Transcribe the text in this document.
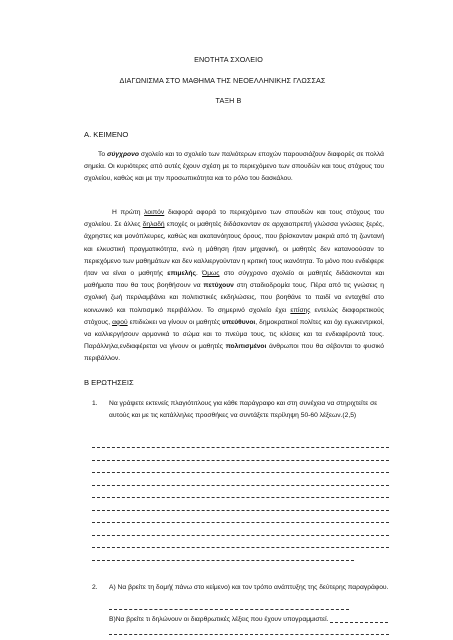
ΕΝΟΤΗΤΑ ΣΧΟΛΕΙΟ
ΔΙΑΓΩΝΙΣΜΑ ΣΤΟ ΜΑΘΗΜΑ ΤΗΣ ΝΕΟΕΛΛΗΝΙΚΗΣ ΓΛΩΣΣΑΣ
ΤΑΞΗ Β
Α. ΚΕΙΜΕΝΟ
Το σύγχρονο σχολείο και το σχολείο των παλιότερων εποχών παρουσιάζουν διαφορές σε πολλά σημεία. Οι κυριότερες από αυτές έχουν σχέση με το περιεχόμενο των σπουδών και τους στόχους του σχολείου, καθώς και με την προσωπικότητα και το ρόλο του δασκάλου.
Η πρώτη λοιπόν διαφορά αφορά το περιεχόμενο των σπουδών και τους στόχους του σχολείου. Σε άλλες δηλαδή εποχές οι μαθητές διδάσκονταν σε αρχαιοπρεπή γλώσσα γνώσεις ξερές, άχρηστες και μονόπλευρες, καθώς και ακατανόητους όρους, που βρίσκονταν μακριά από τη ζωντανή και ελκυστική πραγματικότητα, ενώ η μάθηση ήταν μηχανική, οι μαθητές δεν κατανοούσαν το περιεχόμενο των μαθημάτων και δεν καλλιεργούνταν η κριτική τους ικανότητα. Το μόνο που ενδιέφερε ήταν να είναι ο μαθητής επιμελής. Όμως στο σύγχρονο σχολείο οι μαθητές διδάσκονται και μαθήματα που θα τους βοηθήσουν να πετύχουν στη σταδιοδρομία τους. Πέρα από τις γνώσεις η σχολική ζωή περιλαμβάνει και πολιτιστικές εκδηλώσεις, που βοηθάνε το παιδί να ενταχθεί στο κοινωνικό και πολιτισμικό περιβάλλον. Το σημερινό σχολείο έχει επίσης εντελώς διαφορετικούς στόχους, αφού επιδιώκει να γίνουν οι μαθητές υπεύθυνοι, δημοκρατικοί πολίτες και όχι εγωκεντρικοί, να καλλιεργήσουν αρμονικά το σώμα και το πνεύμα τους, τις κλίσεις και τα ενδιαφέροντά τους. Παράλληλα,ενδιαφέρεται να γίνουν οι μαθητές πολιτισμένοι άνθρωποι που θα σέβονται το φυσικό περιβάλλον.
Β ΕΡΩΤΗΣΕΙΣ
1. Να γράψετε εκτενείς πλαγιότιτλους για κάθε παράγραφο και στη συνέχεια να στηριχτείτε σε αυτούς και με τις κατάλληλες προσθήκες να συντάξετε περίληψη 50-60 λέξεων.(2,5)
2. Α) Να βρείτε τη δομή( πάνω στο κείμενο) και τον τρόπο ανάπτυξης της δεύτερης παραγράφου.
Β)Να βρείτε τι δηλώνουν οι διαρθρωτικές λέξεις που έχουν υπογραμμιστεί.
